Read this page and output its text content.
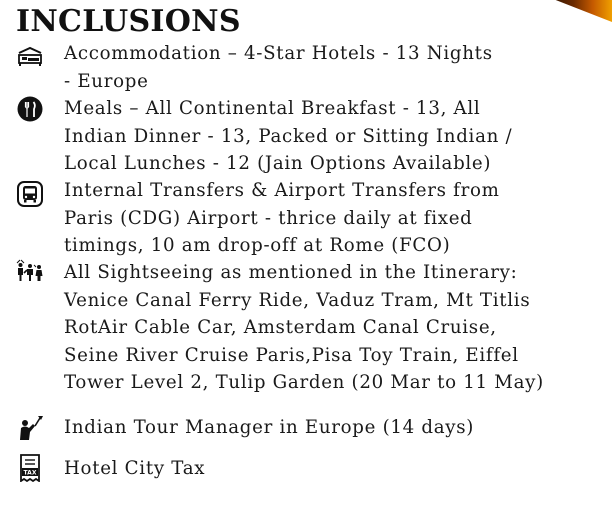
INCLUSIONS
Accommodation – 4-Star Hotels - 13 Nights
- Europe
Meals – All Continental Breakfast - 13, All
Indian Dinner - 13, Packed or Sitting Indian /
Local Lunches - 12 (Jain Options Available)
Internal Transfers & Airport Transfers from
Paris (CDG) Airport - thrice daily at fixed
timings, 10 am drop-off at Rome (FCO)
All Sightseeing as mentioned in the Itinerary:
Venice Canal Ferry Ride, Vaduz Tram, Mt Titlis
RotAir Cable Car, Amsterdam Canal Cruise,
Seine River Cruise Paris,Pisa Toy Train, Eiffel
Tower Level 2, Tulip Garden (20 Mar to 11 May)
Indian Tour Manager in Europe (14 days)
TAX Hotel City Tax
